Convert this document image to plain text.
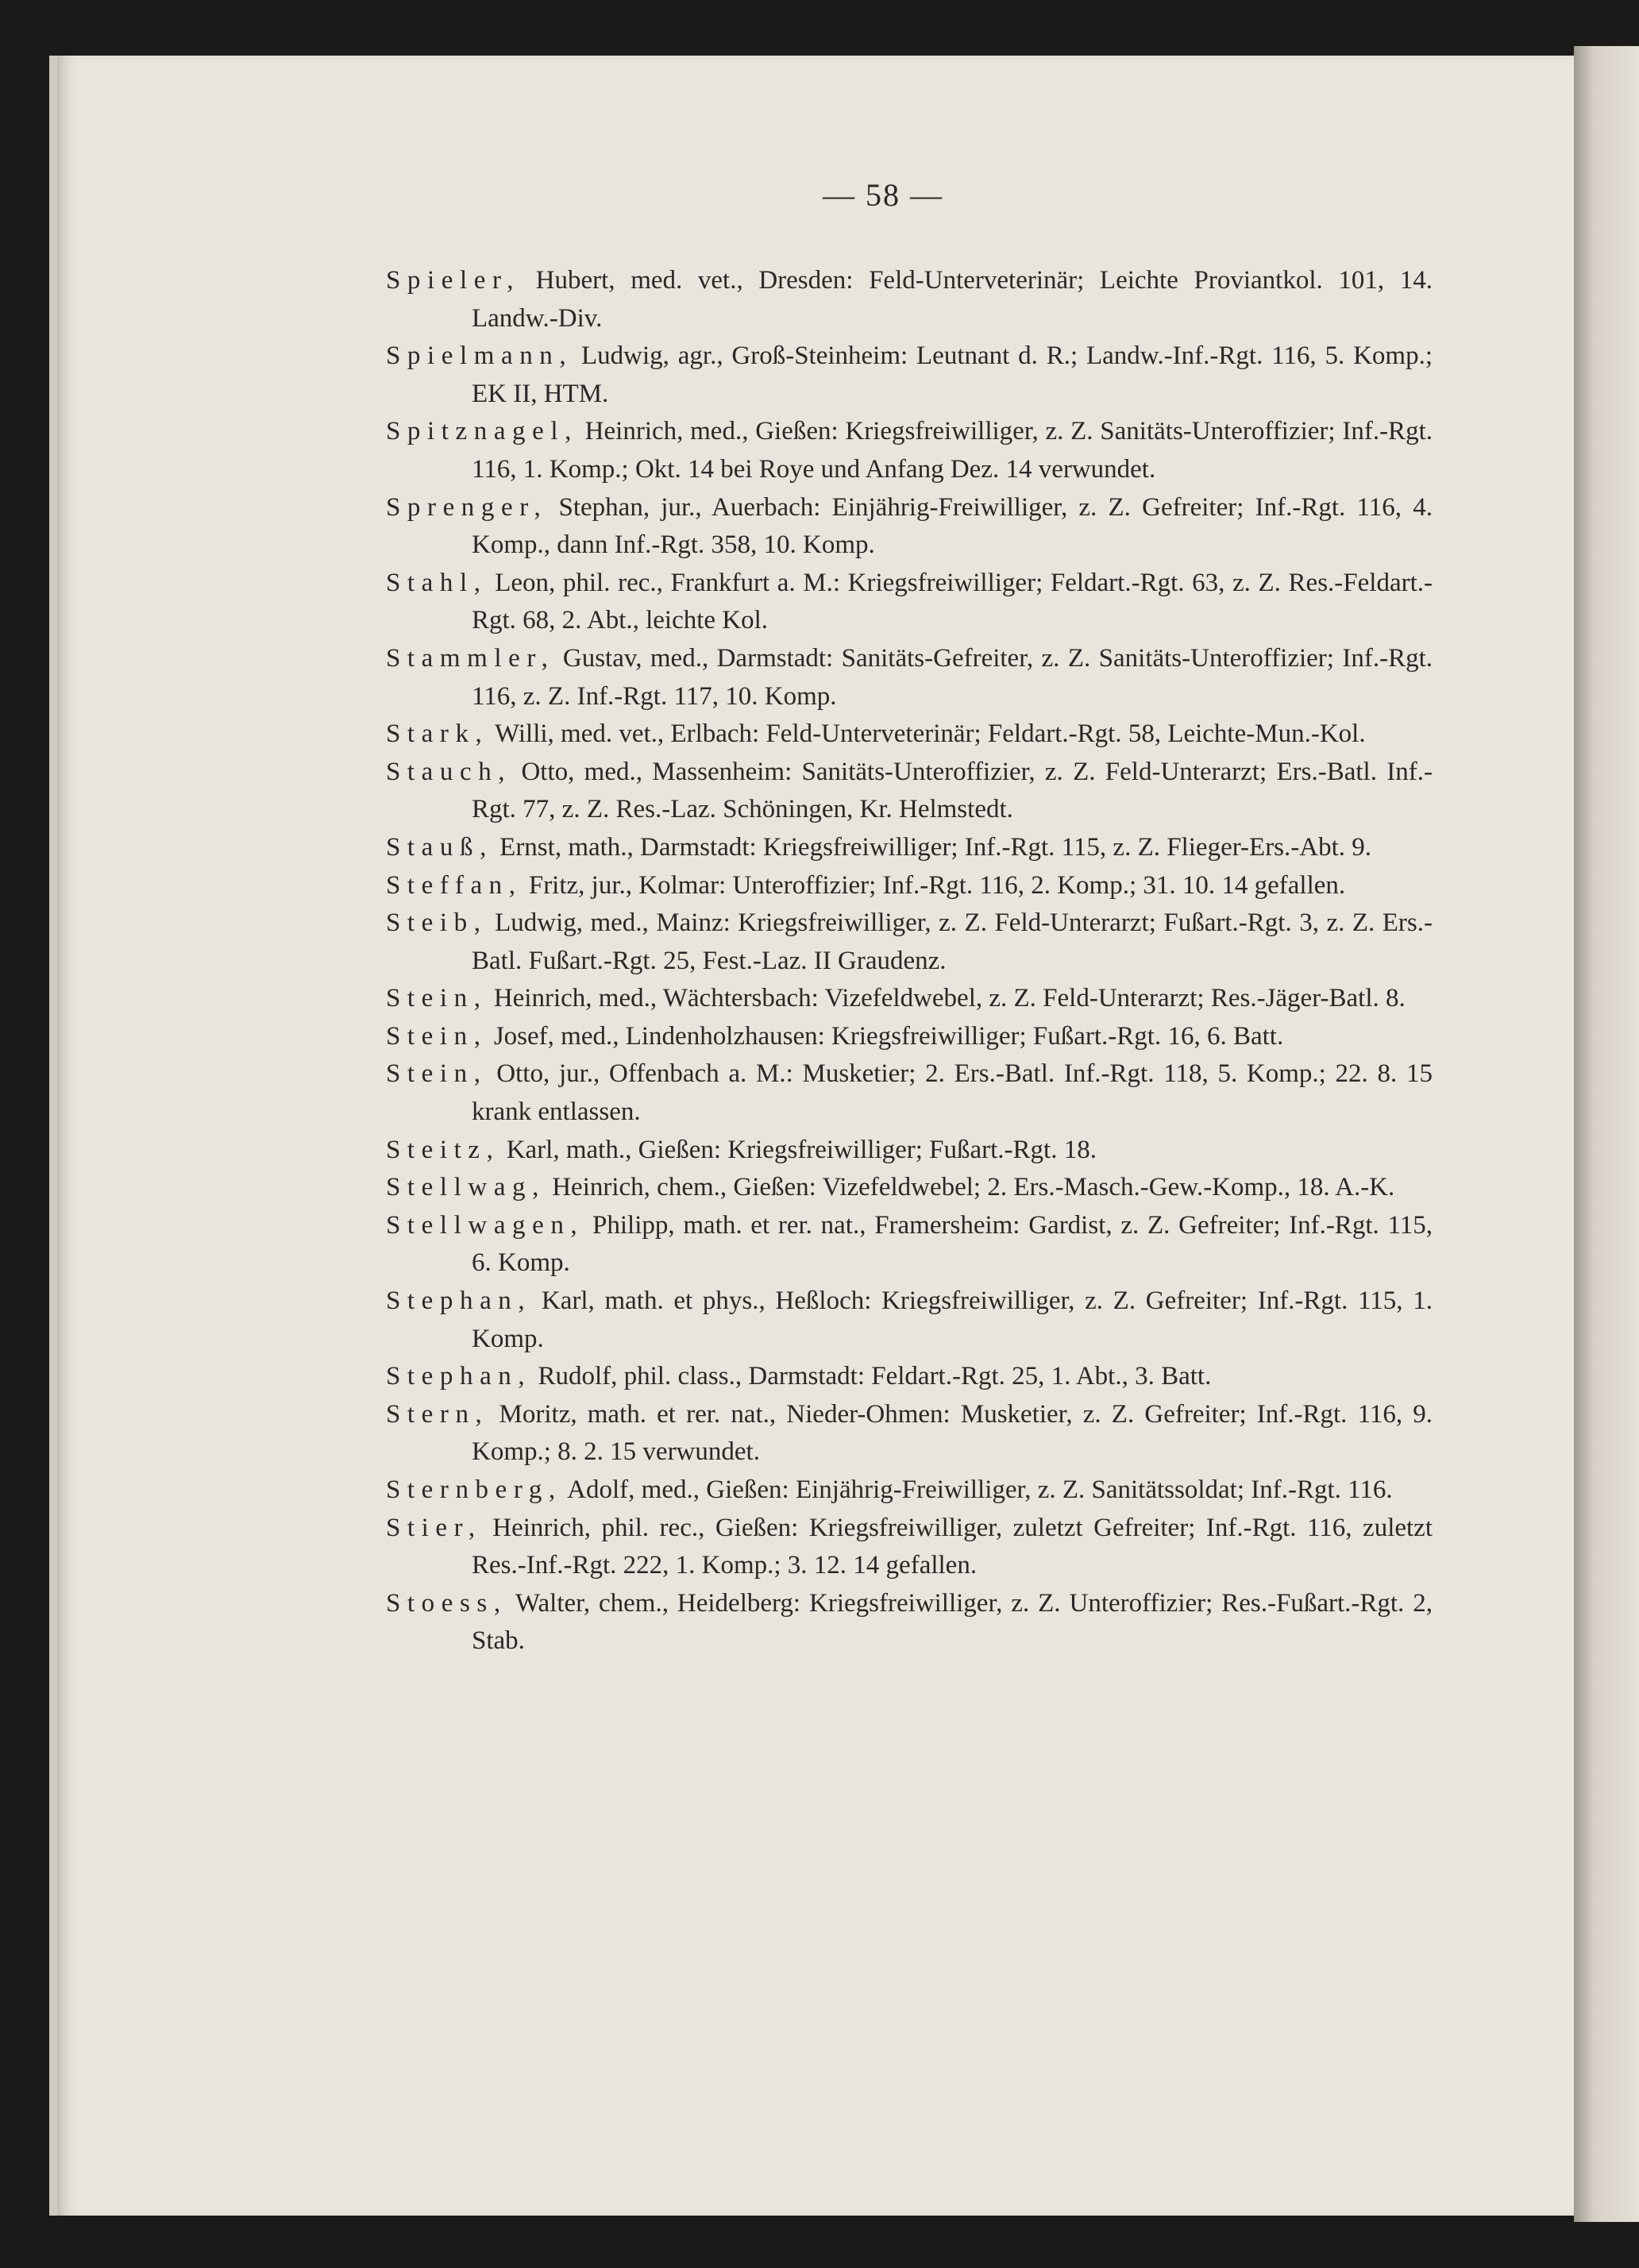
— 58 —

Spieler, Hubert, med. vet., Dresden: Feld-Unterveterinär; Leichte Proviantkol. 101, 14. Landw.-Div.

Spielmann, Ludwig, agr., Groß-Steinheim: Leutnant d. R.; Landw.-Inf.-Rgt. 116, 5. Komp.; EK II, HTM.

Spitznagel, Heinrich, med., Gießen: Kriegsfreiwilliger, z. Z. Sanitäts-Unteroffizier; Inf.-Rgt. 116, 1. Komp.; Okt. 14 bei Roye und Anfang Dez. 14 verwundet.

Sprenger, Stephan, jur., Auerbach: Einjährig-Freiwilliger, z. Z. Gefreiter; Inf.-Rgt. 116, 4. Komp., dann Inf.-Rgt. 358, 10. Komp.

Stahl, Leon, phil. rec., Frankfurt a. M.: Kriegsfreiwilliger; Feldart.-Rgt. 63, z. Z. Res.-Feldart.-Rgt. 68, 2. Abt., leichte Kol.

Stammler, Gustav, med., Darmstadt: Sanitäts-Gefreiter, z. Z. Sanitäts-Unteroffizier; Inf.-Rgt. 116, z. Z. Inf.-Rgt. 117, 10. Komp.

Stark, Willi, med. vet., Erlbach: Feld-Unterveterinär; Feldart.-Rgt. 58, Leichte-Mun.-Kol.

Stauch, Otto, med., Massenheim: Sanitäts-Unteroffizier, z. Z. Feld-Unterarzt; Ers.-Batl. Inf.-Rgt. 77, z. Z. Res.-Laz. Schöningen, Kr. Helmstedt.

Stauß, Ernst, math., Darmstadt: Kriegsfreiwilliger; Inf.-Rgt. 115, z. Z. Flieger-Ers.-Abt. 9.

Steffan, Fritz, jur., Kolmar: Unteroffizier; Inf.-Rgt. 116, 2. Komp.; 31. 10. 14 gefallen.

Steib, Ludwig, med., Mainz: Kriegsfreiwilliger, z. Z. Feld-Unterarzt; Fußart.-Rgt. 3, z. Z. Ers.-Batl. Fußart.-Rgt. 25, Fest.-Laz. II Graudenz.

Stein, Heinrich, med., Wächtersbach: Vizefeldwebel, z. Z. Feld-Unterarzt; Res.-Jäger-Batl. 8.

Stein, Josef, med., Lindenholzhausen: Kriegsfreiwilliger; Fußart.-Rgt. 16, 6. Batt.

Stein, Otto, jur., Offenbach a. M.: Musketier; 2. Ers.-Batl. Inf.-Rgt. 118, 5. Komp.; 22. 8. 15 krank entlassen.

Steitz, Karl, math., Gießen: Kriegsfreiwilliger; Fußart.-Rgt. 18.

Stellwag, Heinrich, chem., Gießen: Vizefeldwebel; 2. Ers.-Masch.-Gew.-Komp., 18. A.-K.

Stellwagen, Philipp, math. et rer. nat., Framersheim: Gardist, z. Z. Gefreiter; Inf.-Rgt. 115, 6. Komp.

Stephan, Karl, math. et phys., Heßloch: Kriegsfreiwilliger, z. Z. Gefreiter; Inf.-Rgt. 115, 1. Komp.

Stephan, Rudolf, phil. class., Darmstadt: Feldart.-Rgt. 25, 1. Abt., 3. Batt.

Stern, Moritz, math. et rer. nat., Nieder-Ohmen: Musketier, z. Z. Gefreiter; Inf.-Rgt. 116, 9. Komp.; 8. 2. 15 verwundet.

Sternberg, Adolf, med., Gießen: Einjährig-Freiwilliger, z. Z. Sanitätssoldat; Inf.-Rgt. 116.

Stier, Heinrich, phil. rec., Gießen: Kriegsfreiwilliger, zuletzt Gefreiter; Inf.-Rgt. 116, zuletzt Res.-Inf.-Rgt. 222, 1. Komp.; 3. 12. 14 gefallen.

Stoess, Walter, chem., Heidelberg: Kriegsfreiwilliger, z. Z. Unteroffizier; Res.-Fußart.-Rgt. 2, Stab.
